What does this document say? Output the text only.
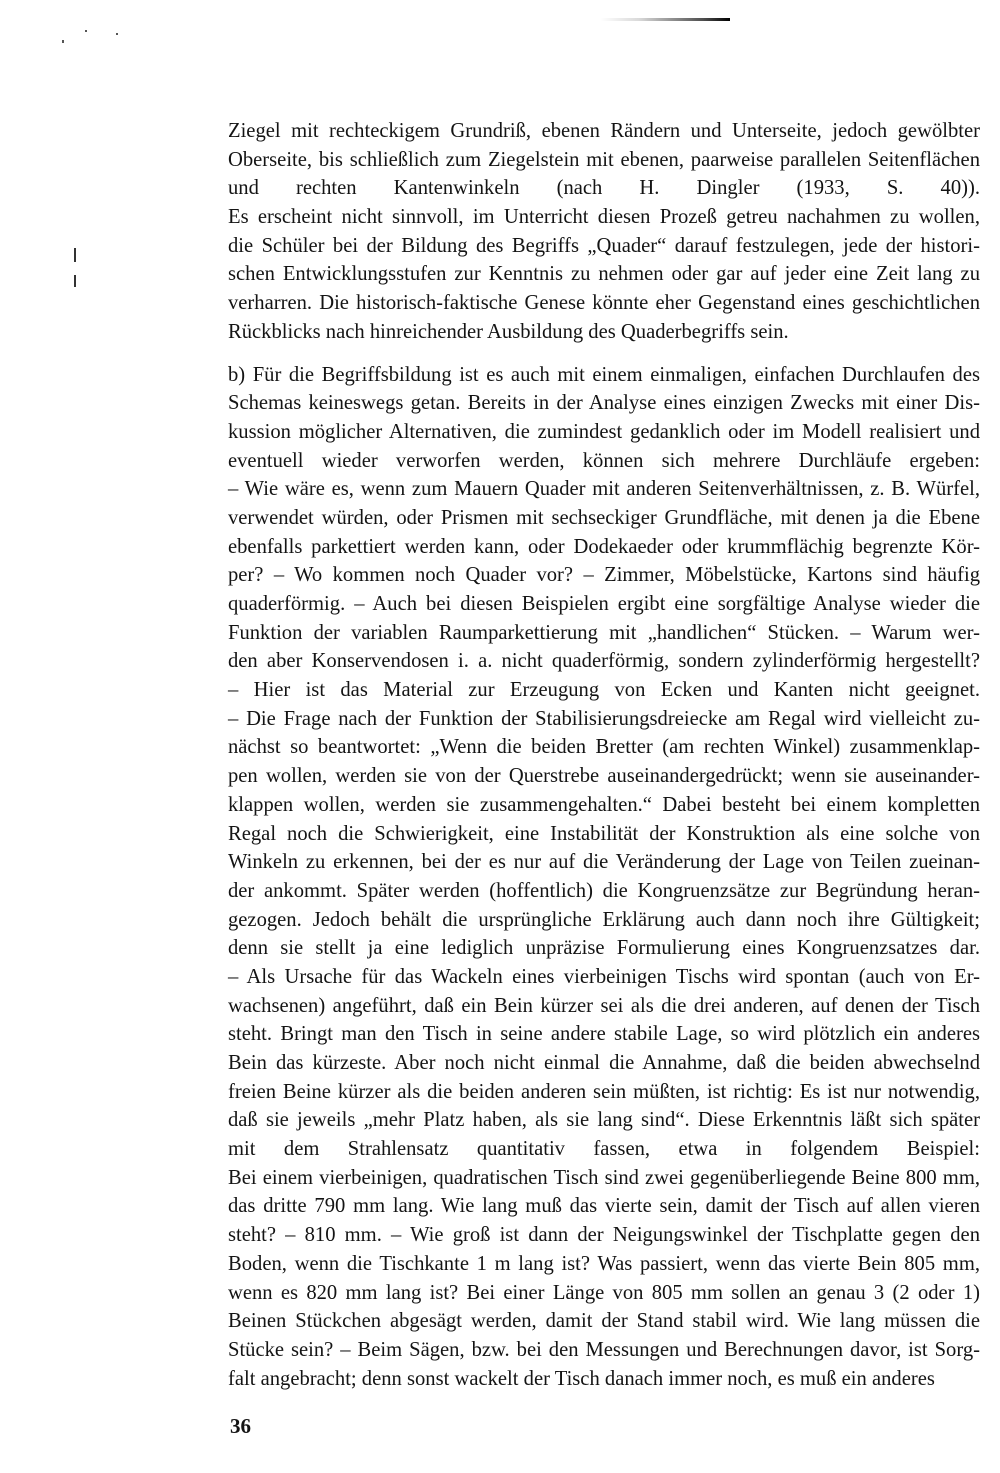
Ziegel mit rechteckigem Grundriß, ebenen Rändern und Unterseite, jedoch gewölbter
Oberseite, bis schließlich zum Ziegelstein mit ebenen, paarweise parallelen Seitenflächen
und rechten Kantenwinkeln (nach H. Dingler (1933, S. 40)).
Es erscheint nicht sinnvoll, im Unterricht diesen Prozeß getreu nachahmen zu wollen,
die Schüler bei der Bildung des Begriffs „Quader“ darauf festzulegen, jede der histori-
schen Entwicklungsstufen zur Kenntnis zu nehmen oder gar auf jeder eine Zeit lang zu
verharren. Die historisch-faktische Genese könnte eher Gegenstand eines geschichtlichen
Rückblicks nach hinreichender Ausbildung des Quaderbegriffs sein.
b) Für die Begriffsbildung ist es auch mit einem einmaligen, einfachen Durchlaufen des
Schemas keineswegs getan. Bereits in der Analyse eines einzigen Zwecks mit einer Dis-
kussion möglicher Alternativen, die zumindest gedanklich oder im Modell realisiert und
eventuell wieder verworfen werden, können sich mehrere Durchläufe ergeben:
– Wie wäre es, wenn zum Mauern Quader mit anderen Seitenverhältnissen, z. B. Würfel,
verwendet würden, oder Prismen mit sechseckiger Grundfläche, mit denen ja die Ebene
ebenfalls parkettiert werden kann, oder Dodekaeder oder krummflächig begrenzte Kör-
per? – Wo kommen noch Quader vor? – Zimmer, Möbelstücke, Kartons sind häufig
quaderförmig. – Auch bei diesen Beispielen ergibt eine sorgfältige Analyse wieder die
Funktion der variablen Raumparkettierung mit „handlichen“ Stücken. – Warum wer-
den aber Konservendosen i. a. nicht quaderförmig, sondern zylinderförmig hergestellt?
– Hier ist das Material zur Erzeugung von Ecken und Kanten nicht geeignet.
– Die Frage nach der Funktion der Stabilisierungsdreiecke am Regal wird vielleicht zu-
nächst so beantwortet: „Wenn die beiden Bretter (am rechten Winkel) zusammenklap-
pen wollen, werden sie von der Querstrebe auseinandergedrückt; wenn sie auseinander-
klappen wollen, werden sie zusammengehalten.“ Dabei besteht bei einem kompletten
Regal noch die Schwierigkeit, eine Instabilität der Konstruktion als eine solche von
Winkeln zu erkennen, bei der es nur auf die Veränderung der Lage von Teilen zueinan-
der ankommt. Später werden (hoffentlich) die Kongruenzsätze zur Begründung heran-
gezogen. Jedoch behält die ursprüngliche Erklärung auch dann noch ihre Gültigkeit;
denn sie stellt ja eine lediglich unpräzise Formulierung eines Kongruenzsatzes dar.
– Als Ursache für das Wackeln eines vierbeinigen Tischs wird spontan (auch von Er-
wachsenen) angeführt, daß ein Bein kürzer sei als die drei anderen, auf denen der Tisch
steht. Bringt man den Tisch in seine andere stabile Lage, so wird plötzlich ein anderes
Bein das kürzeste. Aber noch nicht einmal die Annahme, daß die beiden abwechselnd
freien Beine kürzer als die beiden anderen sein müßten, ist richtig: Es ist nur notwendig,
daß sie jeweils „mehr Platz haben, als sie lang sind“. Diese Erkenntnis läßt sich später
mit dem Strahlensatz quantitativ fassen, etwa in folgendem Beispiel:
Bei einem vierbeinigen, quadratischen Tisch sind zwei gegenüberliegende Beine 800 mm,
das dritte 790 mm lang. Wie lang muß das vierte sein, damit der Tisch auf allen vieren
steht? – 810 mm. – Wie groß ist dann der Neigungswinkel der Tischplatte gegen den
Boden, wenn die Tischkante 1 m lang ist? Was passiert, wenn das vierte Bein 805 mm,
wenn es 820 mm lang ist? Bei einer Länge von 805 mm sollen an genau 3 (2 oder 1)
Beinen Stückchen abgesägt werden, damit der Stand stabil wird. Wie lang müssen die
Stücke sein? – Beim Sägen, bzw. bei den Messungen und Berechnungen davor, ist Sorg-
falt angebracht; denn sonst wackelt der Tisch danach immer noch, es muß ein anderes
36
